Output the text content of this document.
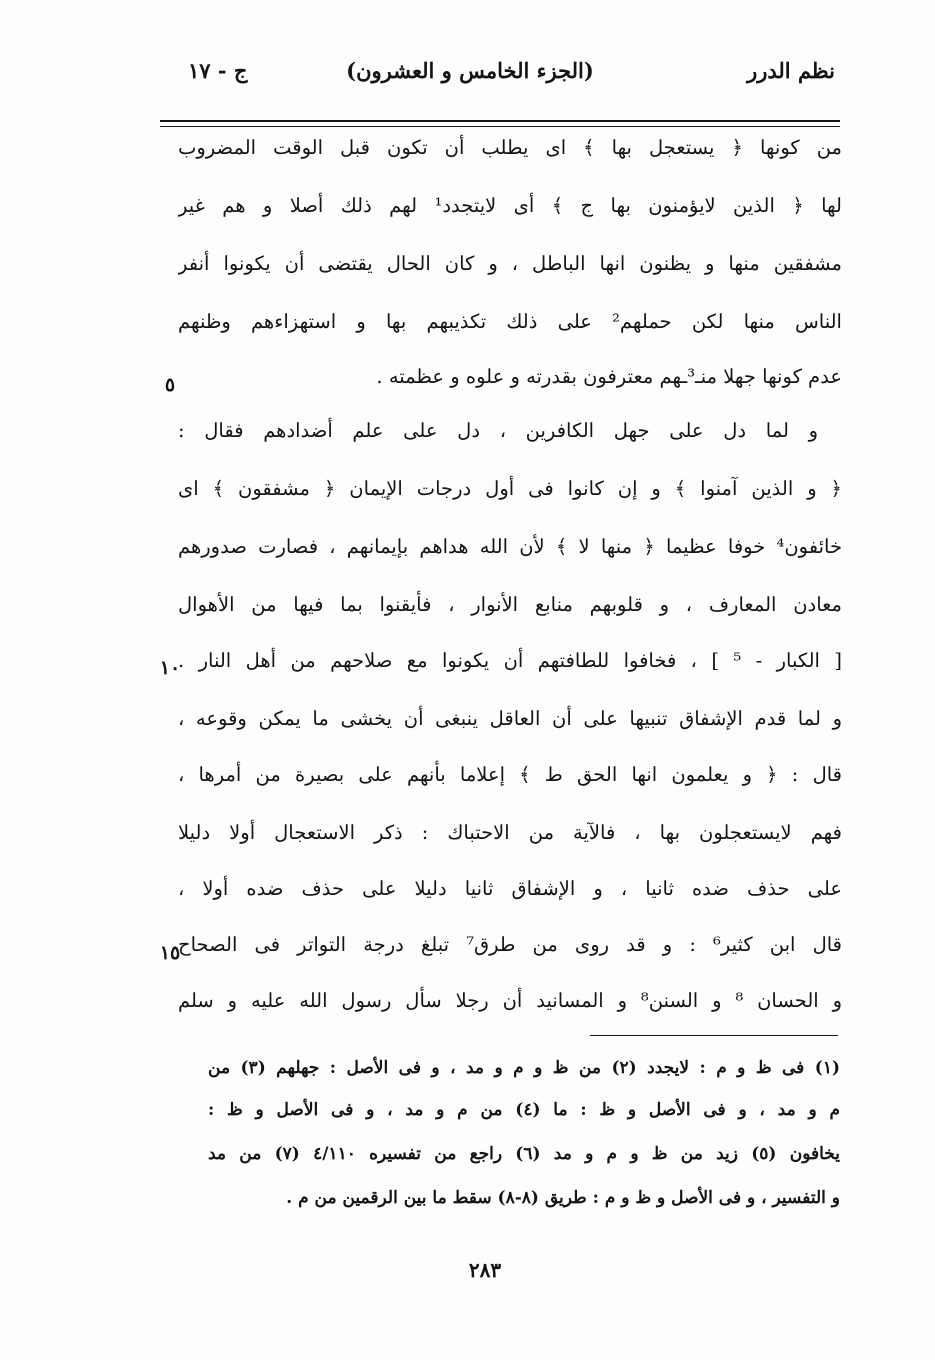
نظم الدرر
(الجزء الخامس و العشرون)
ج - ١٧
من كونها ﴿ يستعجل بها ﴾ اى يطلب أن تكون قبل الوقت المضروب
لها ﴿ الذين لايؤمنون بها ج ﴾ أى لايتجدد¹ لهم ذلك أصلا و هم غير
مشفقين منها و يظنون انها الباطل ، و كان الحال يقتضى أن يكونوا أنفر
الناس منها لكن حملهم² على ذلك تكذيبهم بها و استهزاءهم وظنهم
عدم كونها جهلا منـ³ـهم معترفون بقدرته و علوه و عظمته .
٥
و لما دل على جهل الكافرين ، دل على علم أضدادهم فقال :
﴿ و الذين آمنوا ﴾ و إن كانوا فى أول درجات الإيمان ﴿ مشفقون ﴾ اى
خائفون⁴ خوفا عظيما ﴿ منها لا ﴾ لأن الله هداهم بإيمانهم ، فصارت صدورهم
معادن المعارف ، و قلوبهم منابع الأنوار ، فأيقنوا بما فيها من الأهوال
[ الكبار - ⁵ ] ، فخافوا للطافتهم أن يكونوا مع صلاحهم من أهل النار .
١٠
و لما قدم الإشفاق تنبيها على أن العاقل ينبغى أن يخشى ما يمكن وقوعه ،
قال : ﴿ و يعلمون انها الحق ط ﴾ إعلاما بأنهم على بصيرة من أمرها ،
فهم لايستعجلون بها ، فالآية من الاحتباك : ذكر الاستعجال أولا دليلا
على حذف ضده ثانيا ، و الإشفاق ثانيا دليلا على حذف ضده أولا ،
قال ابن كثير⁶ : و قد روى من طرق⁷ تبلغ درجة التواتر فى الصحاح
١٥
و الحسان ⁸ و السنن⁸ و المسانيد أن رجلا سأل رسول الله عليه و سلم
(١) فى ظ و م : لايجدد (٢) من ظ و م و مد ، و فى الأصل : جهلهم (٣) من
م و مد ، و فى الأصل و ظ : ما (٤) من م و مد ، و فى الأصل و ظ :
يخافون (٥) زيد من ظ و م و مد (٦) راجع من تفسيره ٤/١١٠ (٧) من مد
و التفسير ، و فى الأصل و ظ و م : طريق (٨-٨) سقط ما بين الرقمين من م .
٢٨٣
